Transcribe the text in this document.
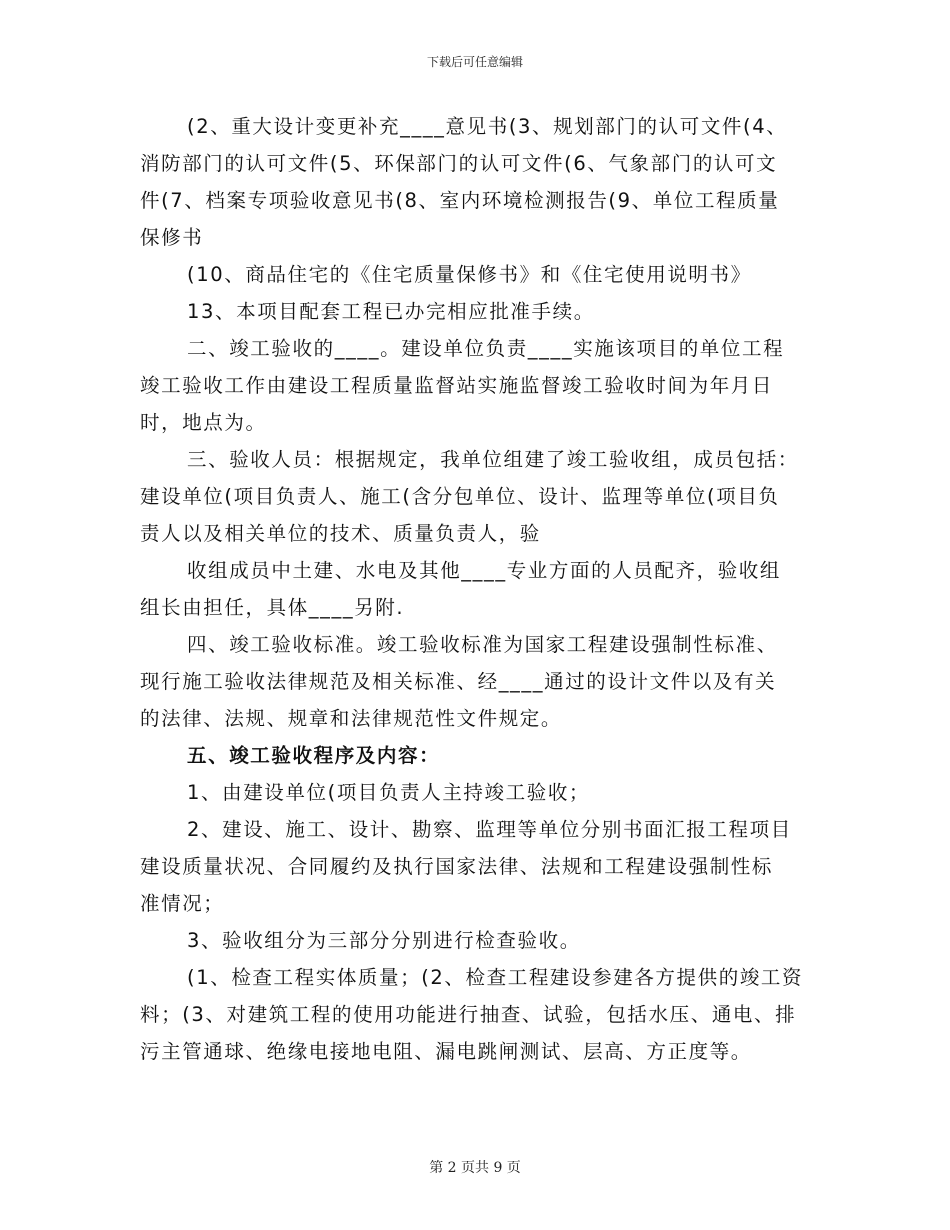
下载后可任意编辑
(2、重大设计变更补充____意见书(3、规划部门的认可文件(4、
消防部门的认可文件(5、环保部门的认可文件(6、气象部门的认可文
件(7、档案专项验收意见书(8、室内环境检测报告(9、单位工程质量
保修书
(10、商品住宅的《住宅质量保修书》和《住宅使用说明书》
13、本项目配套工程已办完相应批准手续。
二、竣工验收的____。建设单位负责____实施该项目的单位工程
竣工验收工作由建设工程质量监督站实施监督竣工验收时间为年月日
时，地点为。
三、验收人员：根据规定，我单位组建了竣工验收组，成员包括：
建设单位(项目负责人、施工(含分包单位、设计、监理等单位(项目负
责人以及相关单位的技术、质量负责人，验
收组成员中土建、水电及其他____专业方面的人员配齐，验收组
组长由担任，具体____另附.
四、竣工验收标准。竣工验收标准为国家工程建设强制性标准、
现行施工验收法律规范及相关标准、经____通过的设计文件以及有关
的法律、法规、规章和法律规范性文件规定。
五、竣工验收程序及内容：
1、由建设单位(项目负责人主持竣工验收；
2、建设、施工、设计、勘察、监理等单位分别书面汇报工程项目
建设质量状况、合同履约及执行国家法律、法规和工程建设强制性标
准情况；
3、验收组分为三部分分别进行检查验收。
(1、检查工程实体质量；(2、检查工程建设参建各方提供的竣工资
料；(3、对建筑工程的使用功能进行抽查、试验，包括水压、通电、排
污主管通球、绝缘电接地电阻、漏电跳闸测试、层高、方正度等。
第 2 页共 9 页
